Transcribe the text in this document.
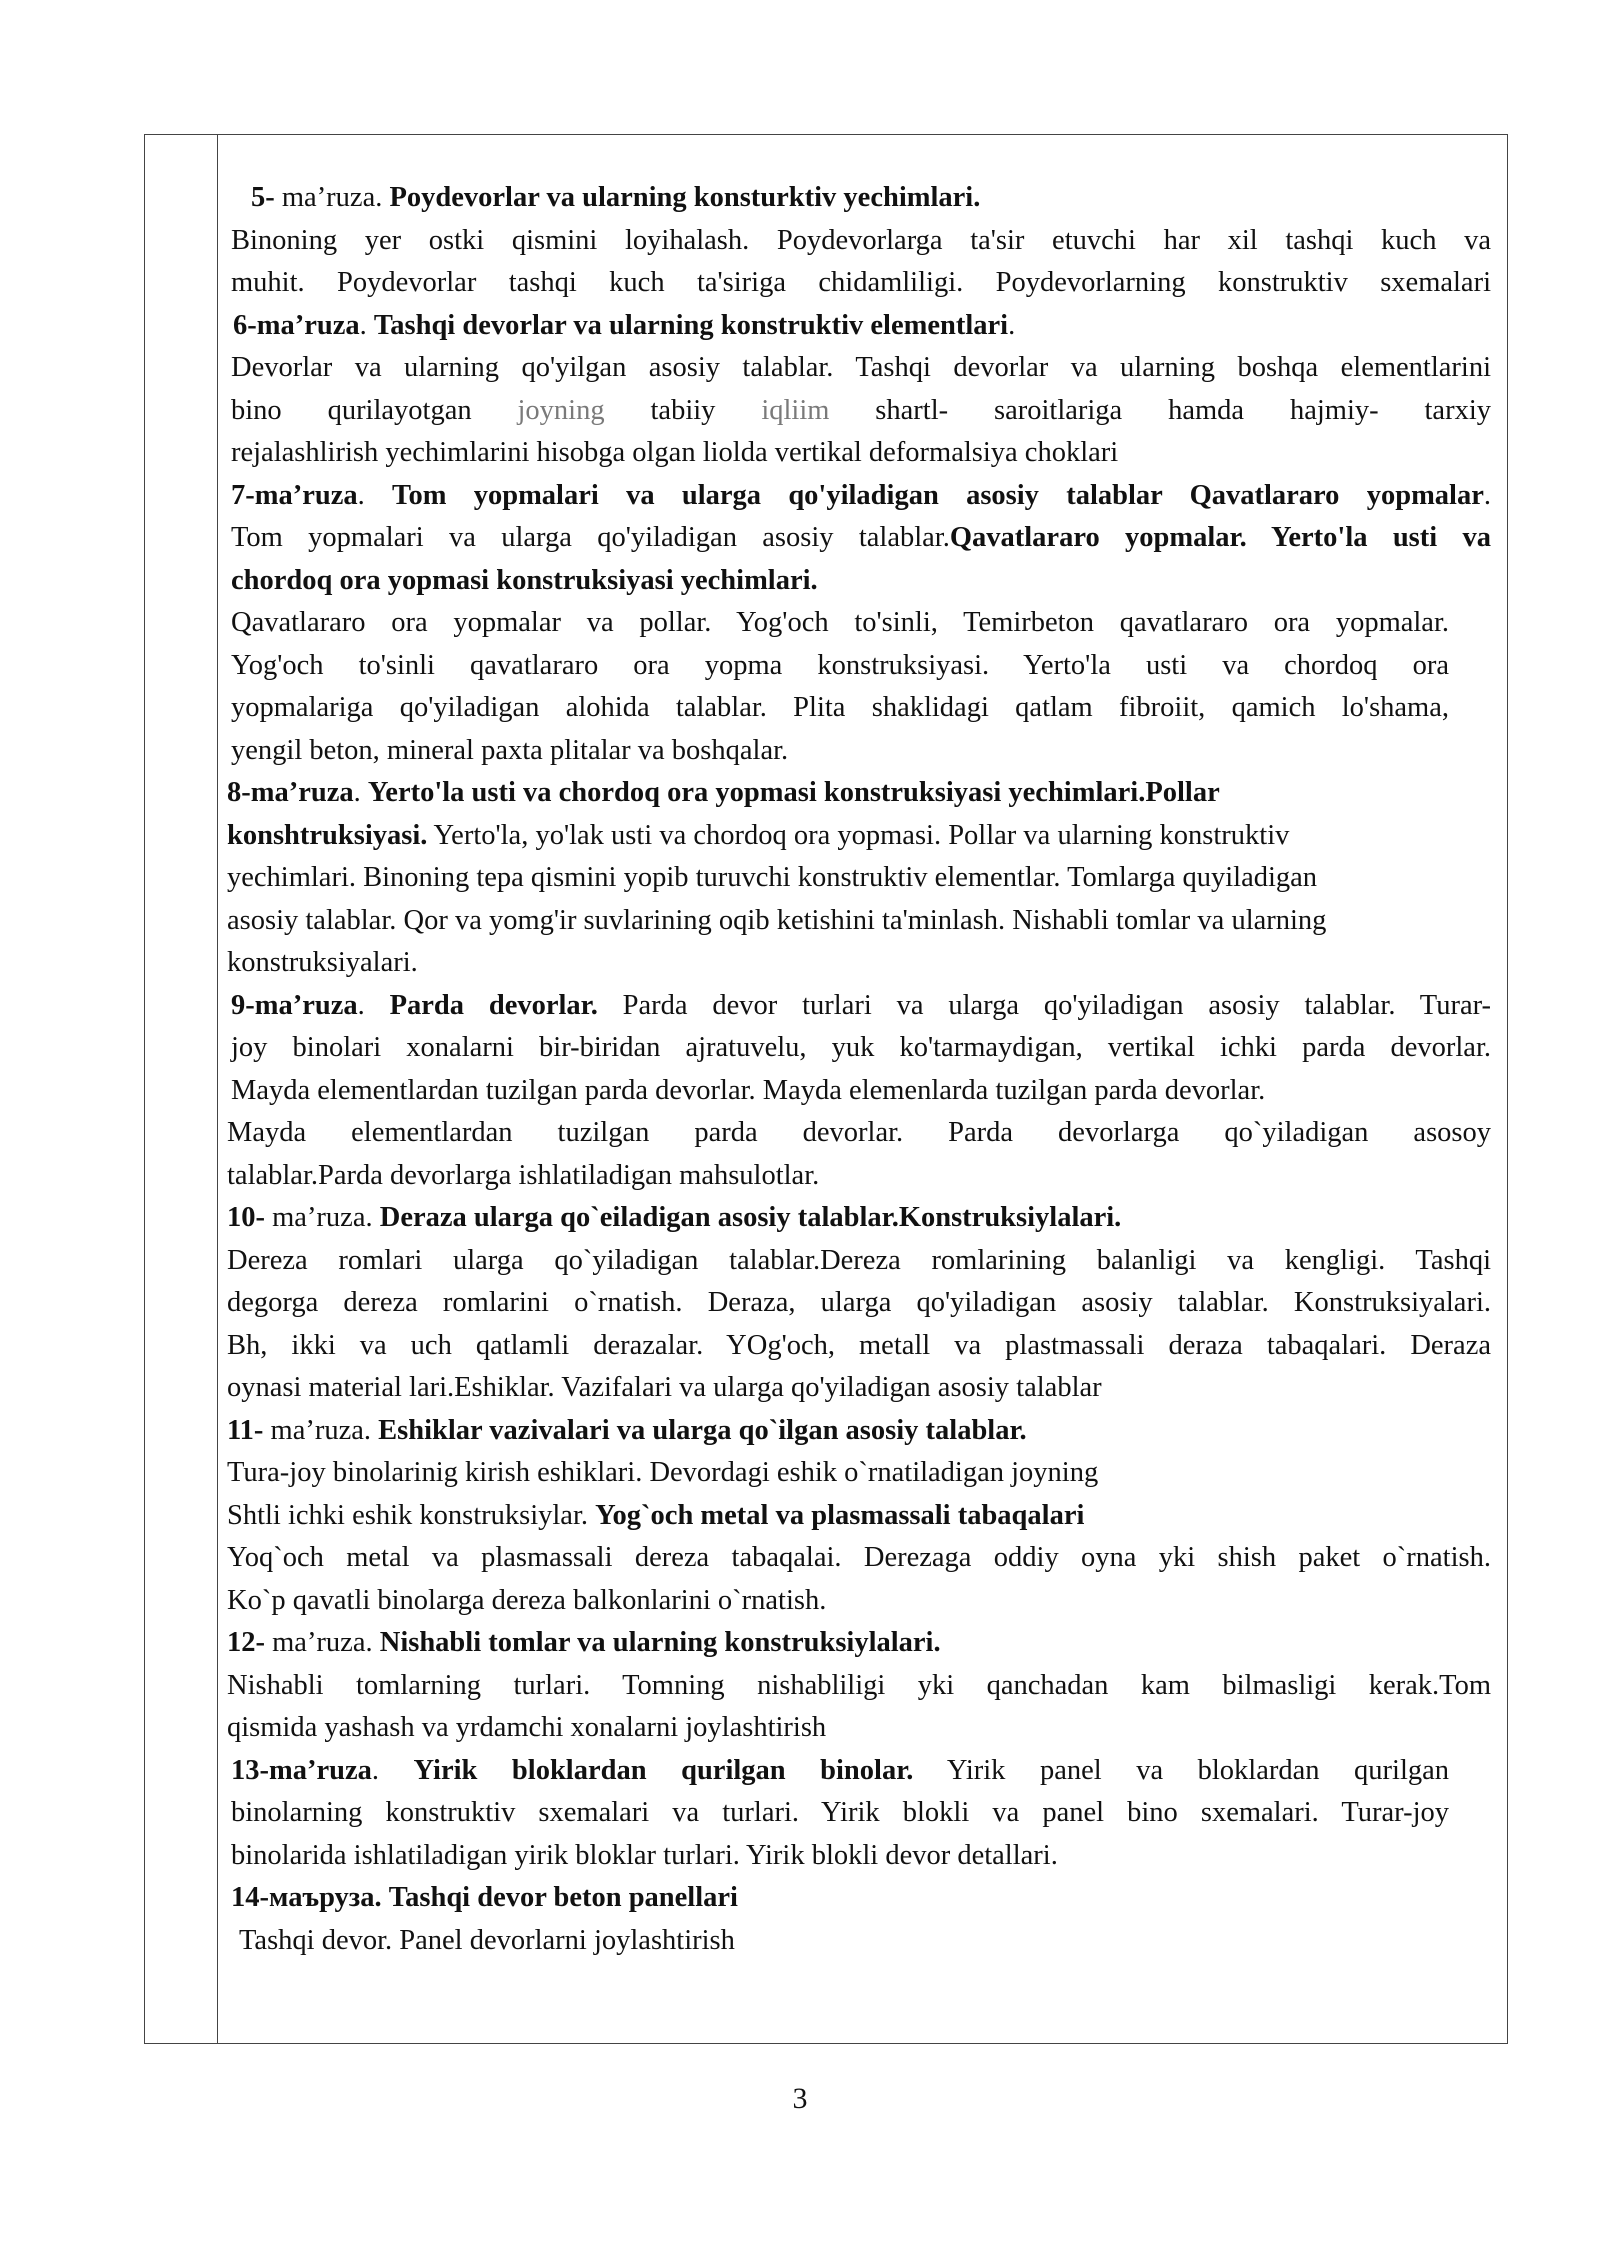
5- ma’ruza. Poydevorlar va ularning konsturktiv yechimlari.

Binoning yer ostki qismini loyihalash. Poydevorlarga ta'sir etuvchi har xil tashqi kuch va

muhit. Poydevorlar tashqi kuch ta'siriga chidamliligi. Poydevorlarning konstruktiv sxemalari

6-ma’ruza. Tashqi devorlar va ularning konstruktiv elementlari.

Devorlar va ularning qo'yilgan asosiy talablar. Tashqi devorlar va ularning boshqa elementlarini

bino qurilayotgan joyning tabiiy iqliim shartl- saroitlariga hamda hajmiy- tarxiy

rejalashlirish yechimlarini hisobga olgan liolda vertikal deformalsiya choklari

7-ma’ruza. Tom yopmalari va ularga qo'yiladigan asosiy talablar Qavatlararo yopmalar.

Tom yopmalari va ularga qo'yiladigan asosiy talablar.Qavatlararo yopmalar. Yerto'la usti va

chordoq ora yopmasi konstruksiyasi yechimlari.

Qavatlararo ora yopmalar va pollar. Yog'och to'sinli, Temirbeton qavatlararo ora yopmalar.

Yog'och to'sinli qavatlararo ora yopma konstruksiyasi. Yerto'la usti va chordoq ora

yopmalariga qo'yiladigan alohida talablar. Plita shaklidagi qatlam fibroiit, qamich lo'shama,

yengil beton, mineral paxta plitalar va boshqalar.

8-ma’ruza. Yerto'la usti va chordoq ora yopmasi konstruksiyasi yechimlari.Pollar

konshtruksiyasi. Yerto'la, yo'lak usti va chordoq ora yopmasi. Pollar va ularning konstruktiv

yechimlari. Binoning tepa qismini yopib turuvchi konstruktiv elementlar. Tomlarga quyiladigan

asosiy talablar. Qor va yomg'ir suvlarining oqib ketishini ta'minlash. Nishabli tomlar va ularning

konstruksiyalari.

9-ma’ruza. Parda devorlar. Parda devor turlari va ularga qo'yiladigan asosiy talablar. Turar-

joy binolari xonalarni bir-biridan ajratuvelu, yuk ko'tarmaydigan, vertikal ichki parda devorlar.

Mayda elementlardan tuzilgan parda devorlar. Mayda elemenlarda tuzilgan parda devorlar.

Mayda elementlardan tuzilgan parda devorlar. Parda devorlarga qo`yiladigan asosoy

talablar.Parda devorlarga ishlatiladigan mahsulotlar.

10- ma’ruza. Deraza ularga qo`eiladigan asosiy talablar.Konstruksiylalari.

Dereza romlari ularga qo`yiladigan talablar.Dereza romlarining balanligi va kengligi. Tashqi

degorga dereza romlarini o`rnatish. Deraza, ularga qo'yiladigan asosiy talablar. Konstruksiyalari.

Bh, ikki va uch qatlamli derazalar. YOg'och, metall va plastmassali deraza tabaqalari. Deraza

oynasi material lari.Eshiklar. Vazifalari va ularga qo'yiladigan asosiy talablar

11- ma’ruza. Eshiklar vazivalari va ularga qo`ilgan asosiy talablar.

Tura-joy binolarinig kirish eshiklari. Devordagi eshik o`rnatiladigan joyning

Shtli ichki eshik konstruksiylar. Yog`och metal va plasmassali tabaqalari

Yoq`och metal va plasmassali dereza tabaqalai. Derezaga oddiy oyna yki shish paket o`rnatish.

Ko`p qavatli binolarga dereza balkonlarini o`rnatish.

12- ma’ruza. Nishabli tomlar va ularning konstruksiylalari.

Nishabli tomlarning turlari. Tomning nishabliligi yki qanchadan kam bilmasligi kerak.Tom

qismida yashash va yrdamchi xonalarni joylashtirish

13-ma’ruza. Yirik bloklardan qurilgan binolar. Yirik panel va bloklardan qurilgan

binolarning konstruktiv sxemalari va turlari. Yirik blokli va panel bino sxemalari. Turar-joy

binolarida ishlatiladigan yirik bloklar turlari. Yirik blokli devor detallari.

14-маъруза. Tashqi devor beton panellari

Tashqi devor. Panel devorlarni joylashtirish

3
